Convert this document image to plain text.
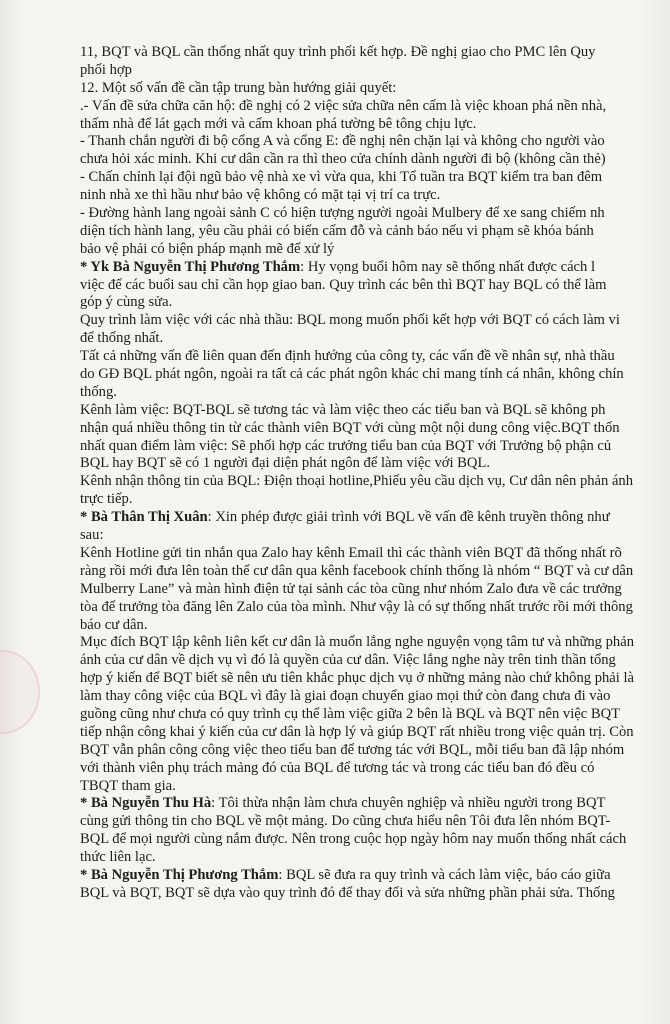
11, BQT và BQL cần thống nhất quy trình phối kết hợp. Đề nghị giao cho PMC lên Quy
phối hợp
12. Một số vấn đề cần tập trung bàn hướng giải quyết:
.- Vấn đề sửa chữa căn hộ: đề nghị có 2 việc sửa chữa nên cấm là việc khoan phá nền nhà,
thấm nhà để lát gạch mới và cấm khoan phá tường bê tông chịu lực.
- Thanh chắn người đi bộ cổng A và cổng E: đề nghị nên chặn lại và không cho người vào
chưa hỏi xác minh. Khi cư dân cần ra thì theo cửa chính dành người đi bộ (không cần thẻ)
- Chấn chỉnh lại đội ngũ bảo vệ nhà xe vì vừa qua, khi Tổ tuần tra BQT kiểm tra ban đêm
ninh nhà xe thì hầu như bảo vệ không có mặt tại vị trí ca trực.
- Đường hành lang ngoài sảnh C có hiện tượng người ngoài Mulbery để xe sang chiếm nh
diện tích hành lang, yêu cầu phải có biển cấm đỗ và cảnh báo nếu vi phạm sẽ khóa bánh
bảo vệ phải có biện pháp mạnh mẽ để xử lý
* Yk Bà Nguyễn Thị Phương Thắm: Hy vọng buổi hôm nay sẽ thống nhất được cách l
việc để các buổi sau chỉ cần họp giao ban. Quy trình các bên thì BQT hay BQL có thể làm
góp ý cùng sửa.
Quy trình làm việc với các nhà thầu: BQL mong muốn phối kết hợp với BQT có cách làm vi
để thống nhất.
Tất cả những vấn đề liên quan đến định hướng của công ty, các vấn đề về nhân sự, nhà thầu
do GĐ BQL phát ngôn, ngoài ra tất cả các phát ngôn khác chỉ mang tính cá nhân, không chín
thống.
Kênh làm việc: BQT-BQL sẽ tương tác và làm việc theo các tiểu ban và BQL sẽ không ph
nhận quá nhiều thông tin từ các thành viên BQT với cùng một nội dung công việc.BQT thốn
nhất quan điểm làm việc: Sẽ phối hợp các trưởng tiểu ban của BQT với Trưởng bộ phận củ
BQL hay BQT sẽ có 1 người đại diện phát ngôn để làm việc với BQL.
Kênh nhận thông tin của BQL: Điện thoại hotline,Phiếu yêu cầu dịch vụ, Cư dân nên phản ánh
trực tiếp.
* Bà Thân Thị Xuân: Xin phép được giải trình với BQL về vấn đề kênh truyền thông như
sau:
Kênh Hotline gửi tin nhắn qua Zalo hay kênh Email thì các thành viên BQT đã thống nhất rõ
ràng rồi mới đưa lên toàn thể cư dân qua kênh facebook chính thống là nhóm “ BQT và cư dân
Mulberry Lane” và màn hình điện tử tại sảnh các tòa cũng như nhóm Zalo đưa về các trưởng
tòa để trưởng tòa đăng lên Zalo của tòa mình. Như vậy là có sự thống nhất trước rồi mới thông
báo cư dân.
Mục đích BQT lập kênh liên kết cư dân là muốn lắng nghe nguyện vọng tâm tư và những phản
ánh của cư dân về dịch vụ vì đó là quyền của cư dân. Việc lắng nghe này trên tinh thần tổng
hợp ý kiến để BQT biết sẽ nên ưu tiên khắc phục dịch vụ ở những mảng nào chứ không phải là
làm thay công việc của BQL vì đây là giai đoạn chuyển giao mọi thứ còn đang chưa đi vào
guồng cũng như chưa có quy trình cụ thể làm việc giữa 2 bên là BQL và BQT nên việc BQT
tiếp nhận công khai ý kiến của cư dân là hợp lý và giúp BQT rất nhiều trong việc quản trị. Còn
BQT vẫn phân công công việc theo tiểu ban để tương tác với BQL, mỗi tiểu ban đã lập nhóm
với thành viên phụ trách mảng đó của BQL để tương tác và trong các tiểu ban đó đều có
TBQT tham gia.
* Bà Nguyễn Thu Hà: Tôi thừa nhận làm chưa chuyên nghiệp và nhiều người trong BQT
cùng gửi thông tin cho BQL về một mảng. Do cũng chưa hiểu nên Tôi đưa lên nhóm BQT-
BQL để mọi người cùng nắm được. Nên trong cuộc họp ngày hôm nay muốn thống nhất cách
thức liên lạc.
* Bà Nguyễn Thị Phương Thắm: BQL sẽ đưa ra quy trình và cách làm việc, báo cáo giữa
BQL và BQT, BQT sẽ dựa vào quy trình đó để thay đổi và sửa những phần phải sửa. Thống
